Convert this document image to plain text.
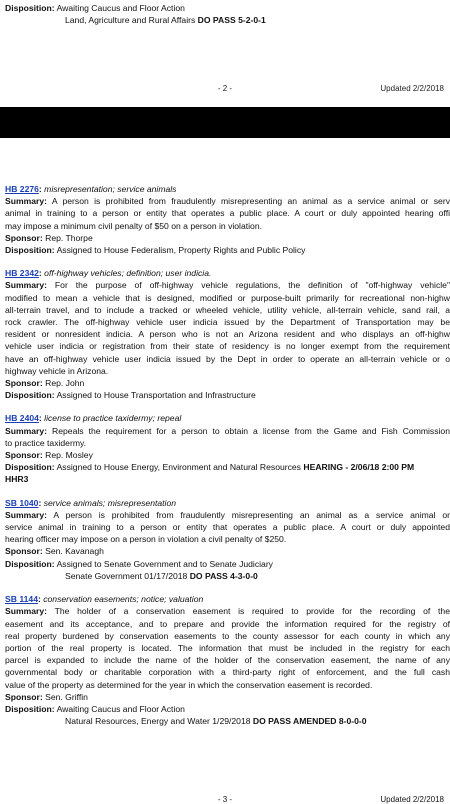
Disposition: Awaiting Caucus and Floor Action
Land, Agriculture and Rural Affairs DO PASS 5-2-0-1
- 2 -	Updated 2/2/2018

HB 2276: misrepresentation; service animals

Summary: A person is prohibited from fraudulently misrepresenting an animal as a service animal or serv

animal in training to a person or entity that operates a public place. A court or duly appointed hearing offi

may impose a minimum civil penalty of $50 on a person in violation.

Sponsor: Rep. Thorpe

Disposition: Assigned to House Federalism, Property Rights and Public Policy

HB 2342: off-highway vehicles; definition; user indicia.

Summary: For the purpose of off-highway vehicle regulations, the definition of "off-highway vehicle"

modified to mean a vehicle that is designed, modified or purpose-built primarily for recreational non-highw

all-terrain travel, and to include a tracked or wheeled vehicle, utility vehicle, all-terrain vehicle, sand rail, a

rock crawler. The off-highway vehicle user indicia issued by the Department of Transportation may be

resident or nonresident indicia. A person who is not an Arizona resident and who displays an off-highw

vehicle user indicia or registration from their state of residency is no longer exempt from the requirement

have an off-highway vehicle user indicia issued by the Dept in order to operate an all-terrain vehicle or o

highway vehicle in Arizona.

Sponsor: Rep. John

Disposition: Assigned to House Transportation and Infrastructure

HB 2404: license to practice taxidermy; repeal

Summary: Repeals the requirement for a person to obtain a license from the Game and Fish Commission

to practice taxidermy.

Sponsor: Rep. Mosley

Disposition: Assigned to House Energy, Environment and Natural Resources HEARING - 2/06/18 2:00 PM

HHR3

SB 1040: service animals; misrepresentation

Summary: A person is prohibited from fraudulently misrepresenting an animal as a service animal or

service animal in training to a person or entity that operates a public place. A court or duly appointed

hearing officer may impose on a person in violation a civil penalty of $250.

Sponsor: Sen. Kavanagh

Disposition: Assigned to Senate Government and to Senate Judiciary

Senate Government 01/17/2018 DO PASS 4-3-0-0

SB 1144: conservation easements; notice; valuation

Summary: The holder of a conservation easement is required to provide for the recording of the

easement and its acceptance, and to prepare and provide the information required for the registry of

real property burdened by conservation easements to the county assessor for each county in which any

portion of the real property is located. The information that must be included in the registry for each

parcel is expanded to include the name of the holder of the conservation easement, the name of any

governmental body or charitable corporation with a third-party right of enforcement, and the full cash

value of the property as determined for the year in which the conservation easement is recorded.

Sponsor: Sen. Griffin

Disposition: Awaiting Caucus and Floor Action

Natural Resources, Energy and Water 1/29/2018 DO PASS AMENDED 8-0-0-0

- 3 -	Updated 2/2/2018
